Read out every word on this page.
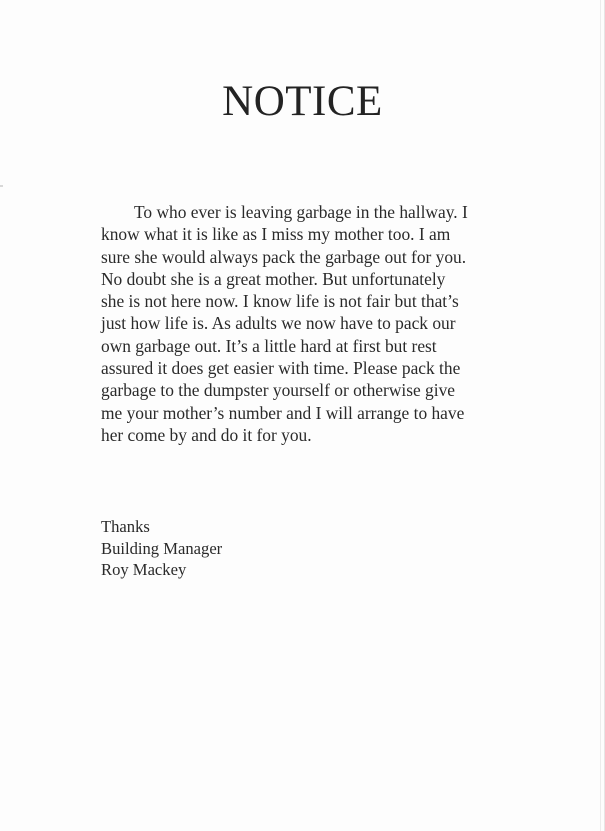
NOTICE
To who ever is leaving garbage in the hallway. I
know what it is like as I miss my mother too. I am
sure she would always pack the garbage out for you.
No doubt she is a great mother. But unfortunately
she is not here now. I know life is not fair but that’s
just how life is. As adults we now have to pack our
own garbage out. It’s a little hard at first but rest
assured it does get easier with time. Please pack the
garbage to the dumpster yourself or otherwise give
me your mother’s number and I will arrange to have
her come by and do it for you.
Thanks
Building Manager
Roy Mackey
